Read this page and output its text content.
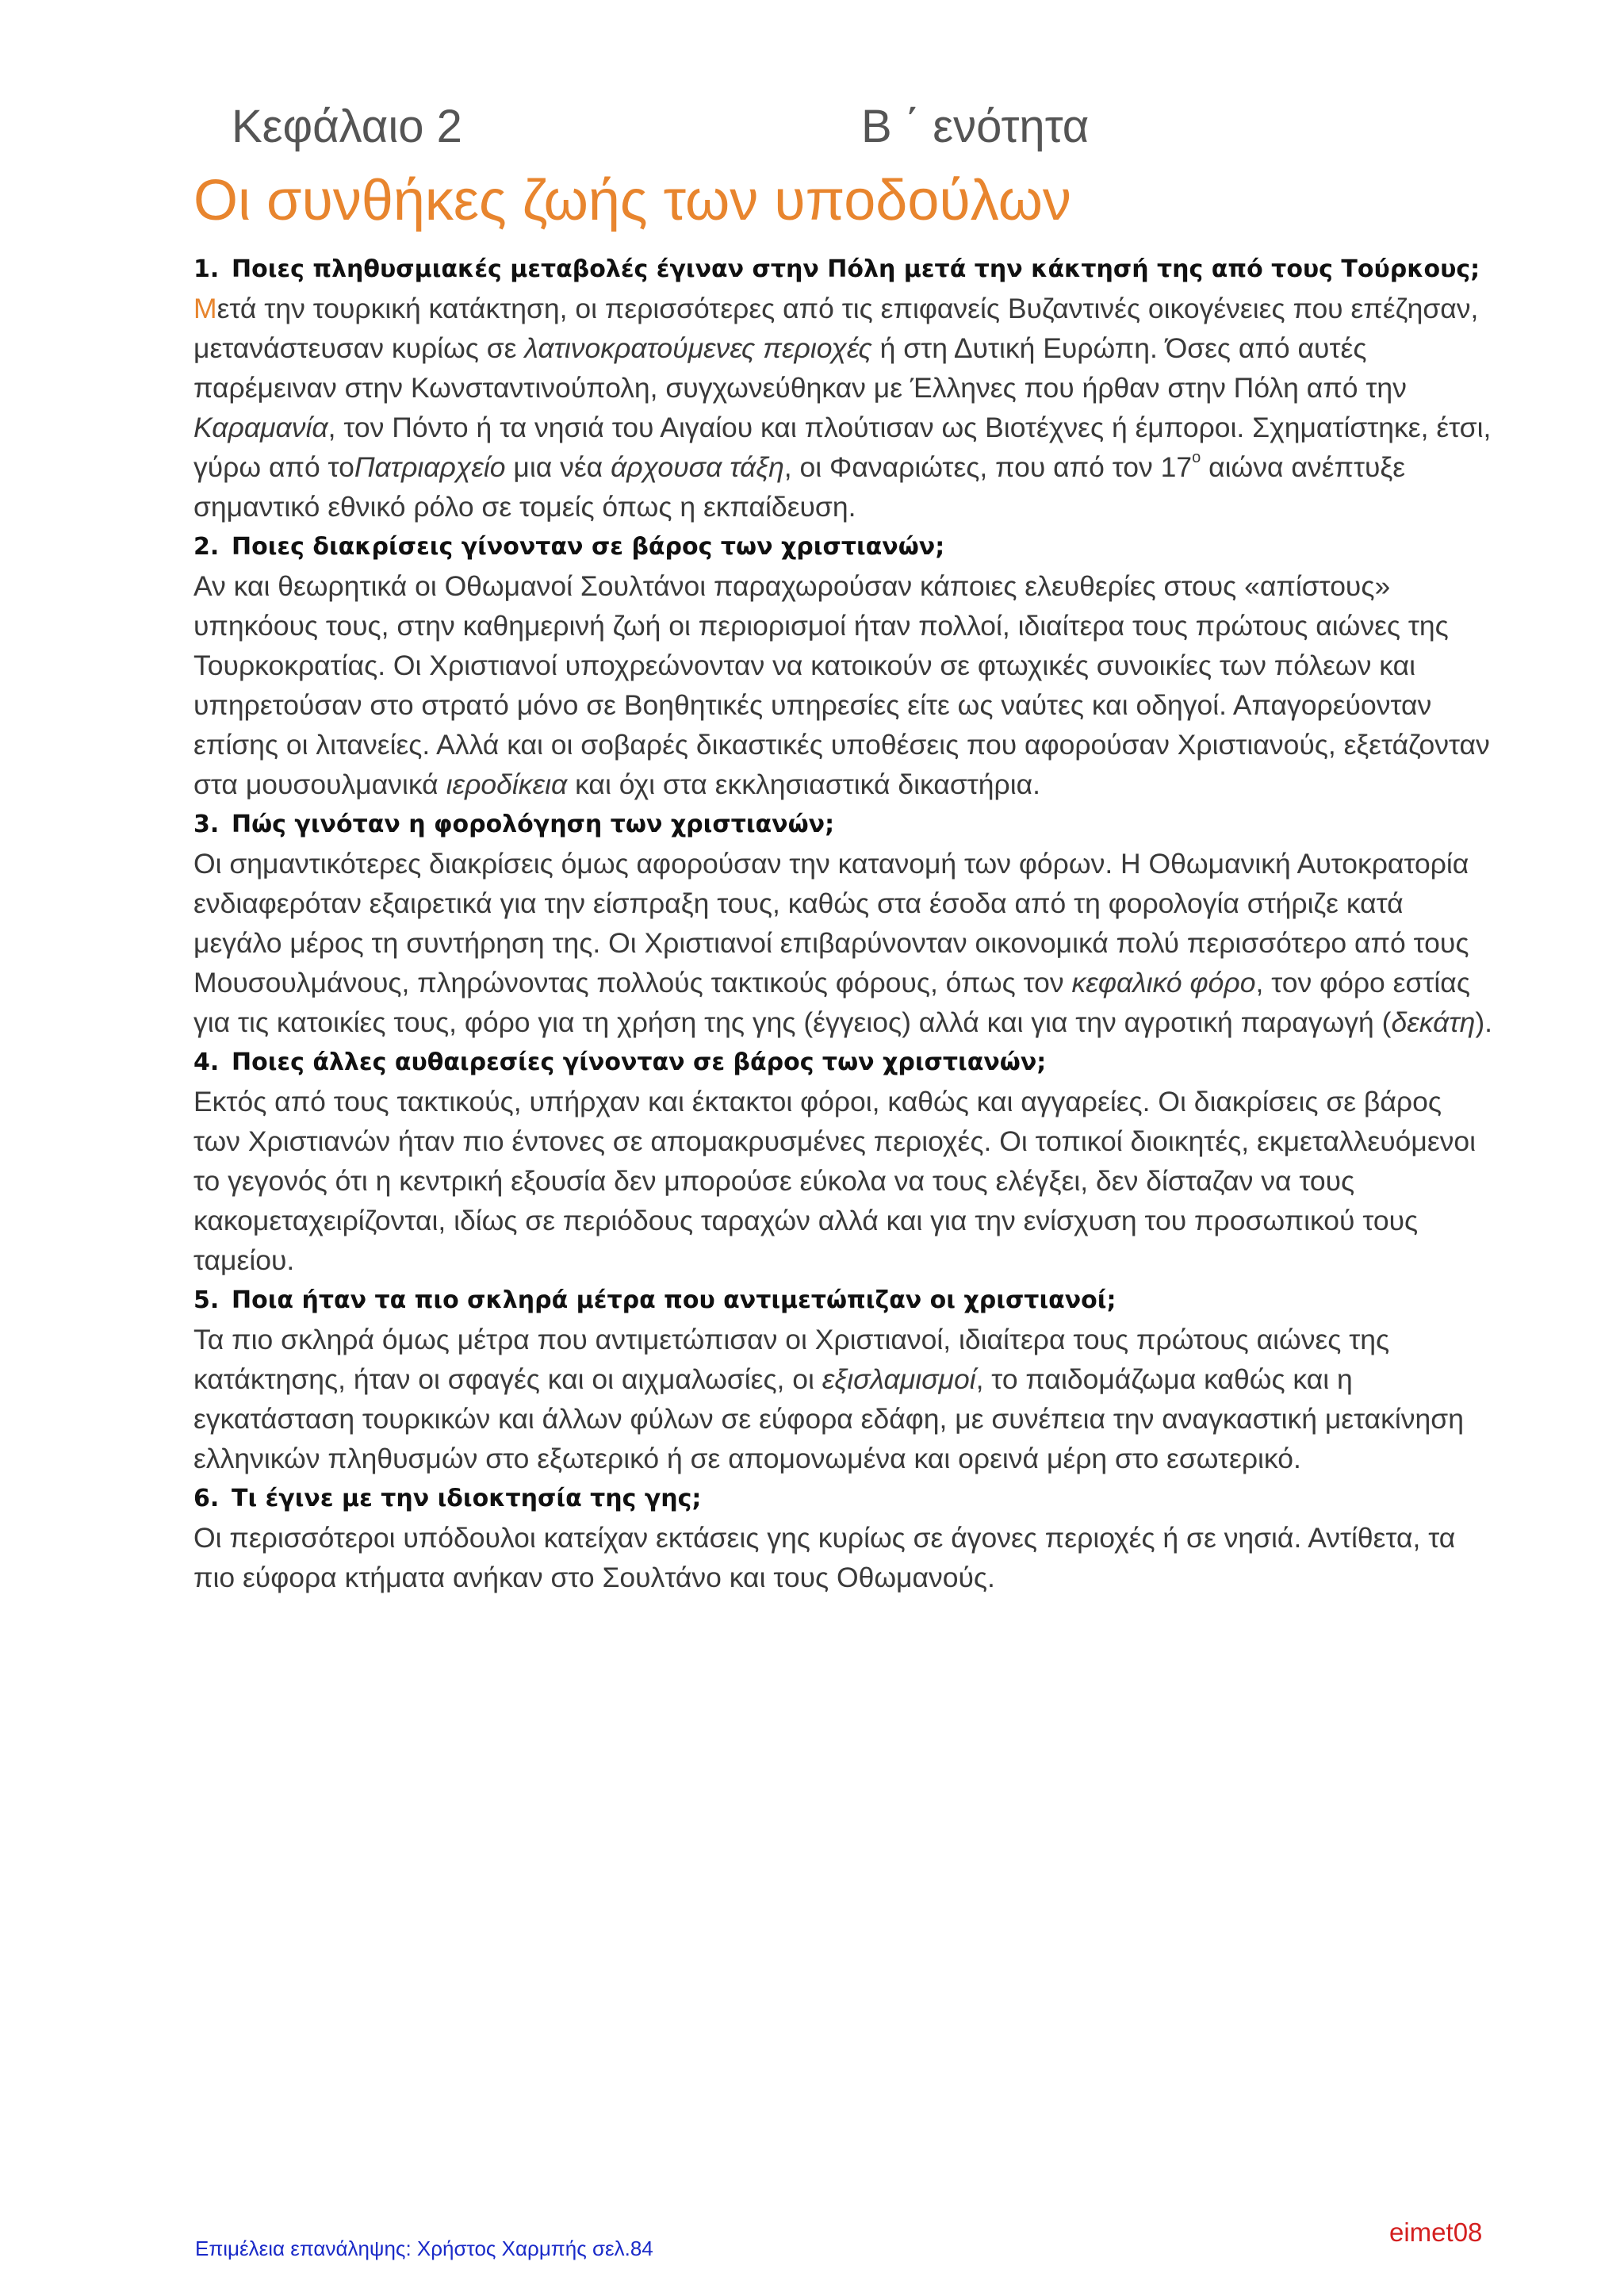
Κεφάλαιο 2	Β ΄ ενότητα
Οι συνθήκες ζωής των υποδούλων
1. Ποιες πληθυσμιακές μεταβολές έγιναν στην Πόλη μετά την κάκτησή της από τους Τούρκους;
Μετά την τουρκική κατάκτηση, οι περισσότερες από τις επιφανείς Βυζαντινές οικογένειες που επέζησαν, μετανάστευσαν κυρίως σε λατινοκρατούμενες περιοχές ή στη Δυτική Ευρώπη. Όσες από αυτές παρέμειναν στην Κωνσταντινούπολη, συγχωνεύθηκαν με Έλληνες που ήρθαν στην Πόλη από την Καραμανία, τον Πόντο ή τα νησιά του Αιγαίου και πλούτισαν ως Βιοτέχνες ή έμποροι. Σχηματίστηκε, έτσι, γύρω από τοΠατριαρχείο μια νέα άρχουσα τάξη, οι Φαναριώτες, που από τον $17^o$ αιώνα ανέπτυξε σημαντικό εθνικό ρόλο σε τομείς όπως η εκπαίδευση.
2. Ποιες διακρίσεις γίνονταν σε βάρος των χριστιανών;
Αν και θεωρητικά οι Οθωμανοί Σουλτάνοι παραχωρούσαν κάποιες ελευθερίες στους «απίστους» υπηκόους τους, στην καθημερινή ζωή οι περιορισμοί ήταν πολλοί, ιδιαίτερα τους πρώτους αιώνες της Τουρκοκρατίας. Οι Χριστιανοί υποχρεώνονταν να κατοικούν σε φτωχικές συνοικίες των πόλεων και υπηρετούσαν στο στρατό μόνο σε Βοηθητικές υπηρεσίες είτε ως ναύτες και οδηγοί. Απαγορεύονταν επίσης οι λιτανείες. Αλλά και οι σοβαρές δικαστικές υποθέσεις που αφορούσαν Χριστιανούς, εξετάζονταν στα μουσουλμανικά ιεροδίκεια και όχι στα εκκλησιαστικά δικαστήρια.
3. Πώς γινόταν η φορολόγηση των χριστιανών;
Οι σημαντικότερες διακρίσεις όμως αφορούσαν την κατανομή των φόρων. Η Οθωμανική Αυτοκρατορία ενδιαφερόταν εξαιρετικά για την είσπραξη τους, καθώς στα έσοδα από τη φορολογία στήριζε κατά μεγάλο μέρος τη συντήρηση της. Οι Χριστιανοί επιβαρύνονταν οικονομικά πολύ περισσότερο από τους Μουσουλμάνους, πληρώνοντας πολλούς τακτικούς φόρους, όπως τον κεφαλικό φόρο, τον φόρο εστίας για τις κατοικίες τους, φόρο για τη χρήση της γης (έγγειος) αλλά και για την αγροτική παραγωγή (δεκάτη).
4. Ποιες άλλες αυθαιρεσίες γίνονταν σε βάρος των χριστιανών;
Εκτός από τους τακτικούς, υπήρχαν και έκτακτοι φόροι, καθώς και αγγαρείες. Οι διακρίσεις σε βάρος των Χριστιανών ήταν πιο έντονες σε απομακρυσμένες περιοχές. Οι τοπικοί διοικητές, εκμεταλλευόμενοι το γεγονός ότι η κεντρική εξουσία δεν μπορούσε εύκολα να τους ελέγξει, δεν δίσταζαν να τους κακομεταχειρίζονται, ιδίως σε περιόδους ταραχών αλλά και για την ενίσχυση του προσωπικού τους ταμείου.
5. Ποια ήταν τα πιο σκληρά μέτρα που αντιμετώπιζαν οι χριστιανοί;
Τα πιο σκληρά όμως μέτρα που αντιμετώπισαν οι Χριστιανοί, ιδιαίτερα τους πρώτους αιώνες της κατάκτησης, ήταν οι σφαγές και οι αιχμαλωσίες, οι εξισλαμισμοί, το παιδομάζωμα καθώς και η εγκατάσταση τουρκικών και άλλων φύλων σε εύφορα εδάφη, με συνέπεια την αναγκαστική μετακίνηση ελληνικών πληθυσμών στο εξωτερικό ή σε απομονωμένα και ορεινά μέρη στο εσωτερικό.
6. Τι έγινε με την ιδιοκτησία της γης;
Οι περισσότεροι υπόδουλοι κατείχαν εκτάσεις γης κυρίως σε άγονες περιοχές ή σε νησιά. Αντίθετα, τα πιο εύφορα κτήματα ανήκαν στο Σουλτάνο και τους Οθωμανούς.
Επιμέλεια επανάληψης: Χρήστος Χαρμπής σελ.84
eimet08
